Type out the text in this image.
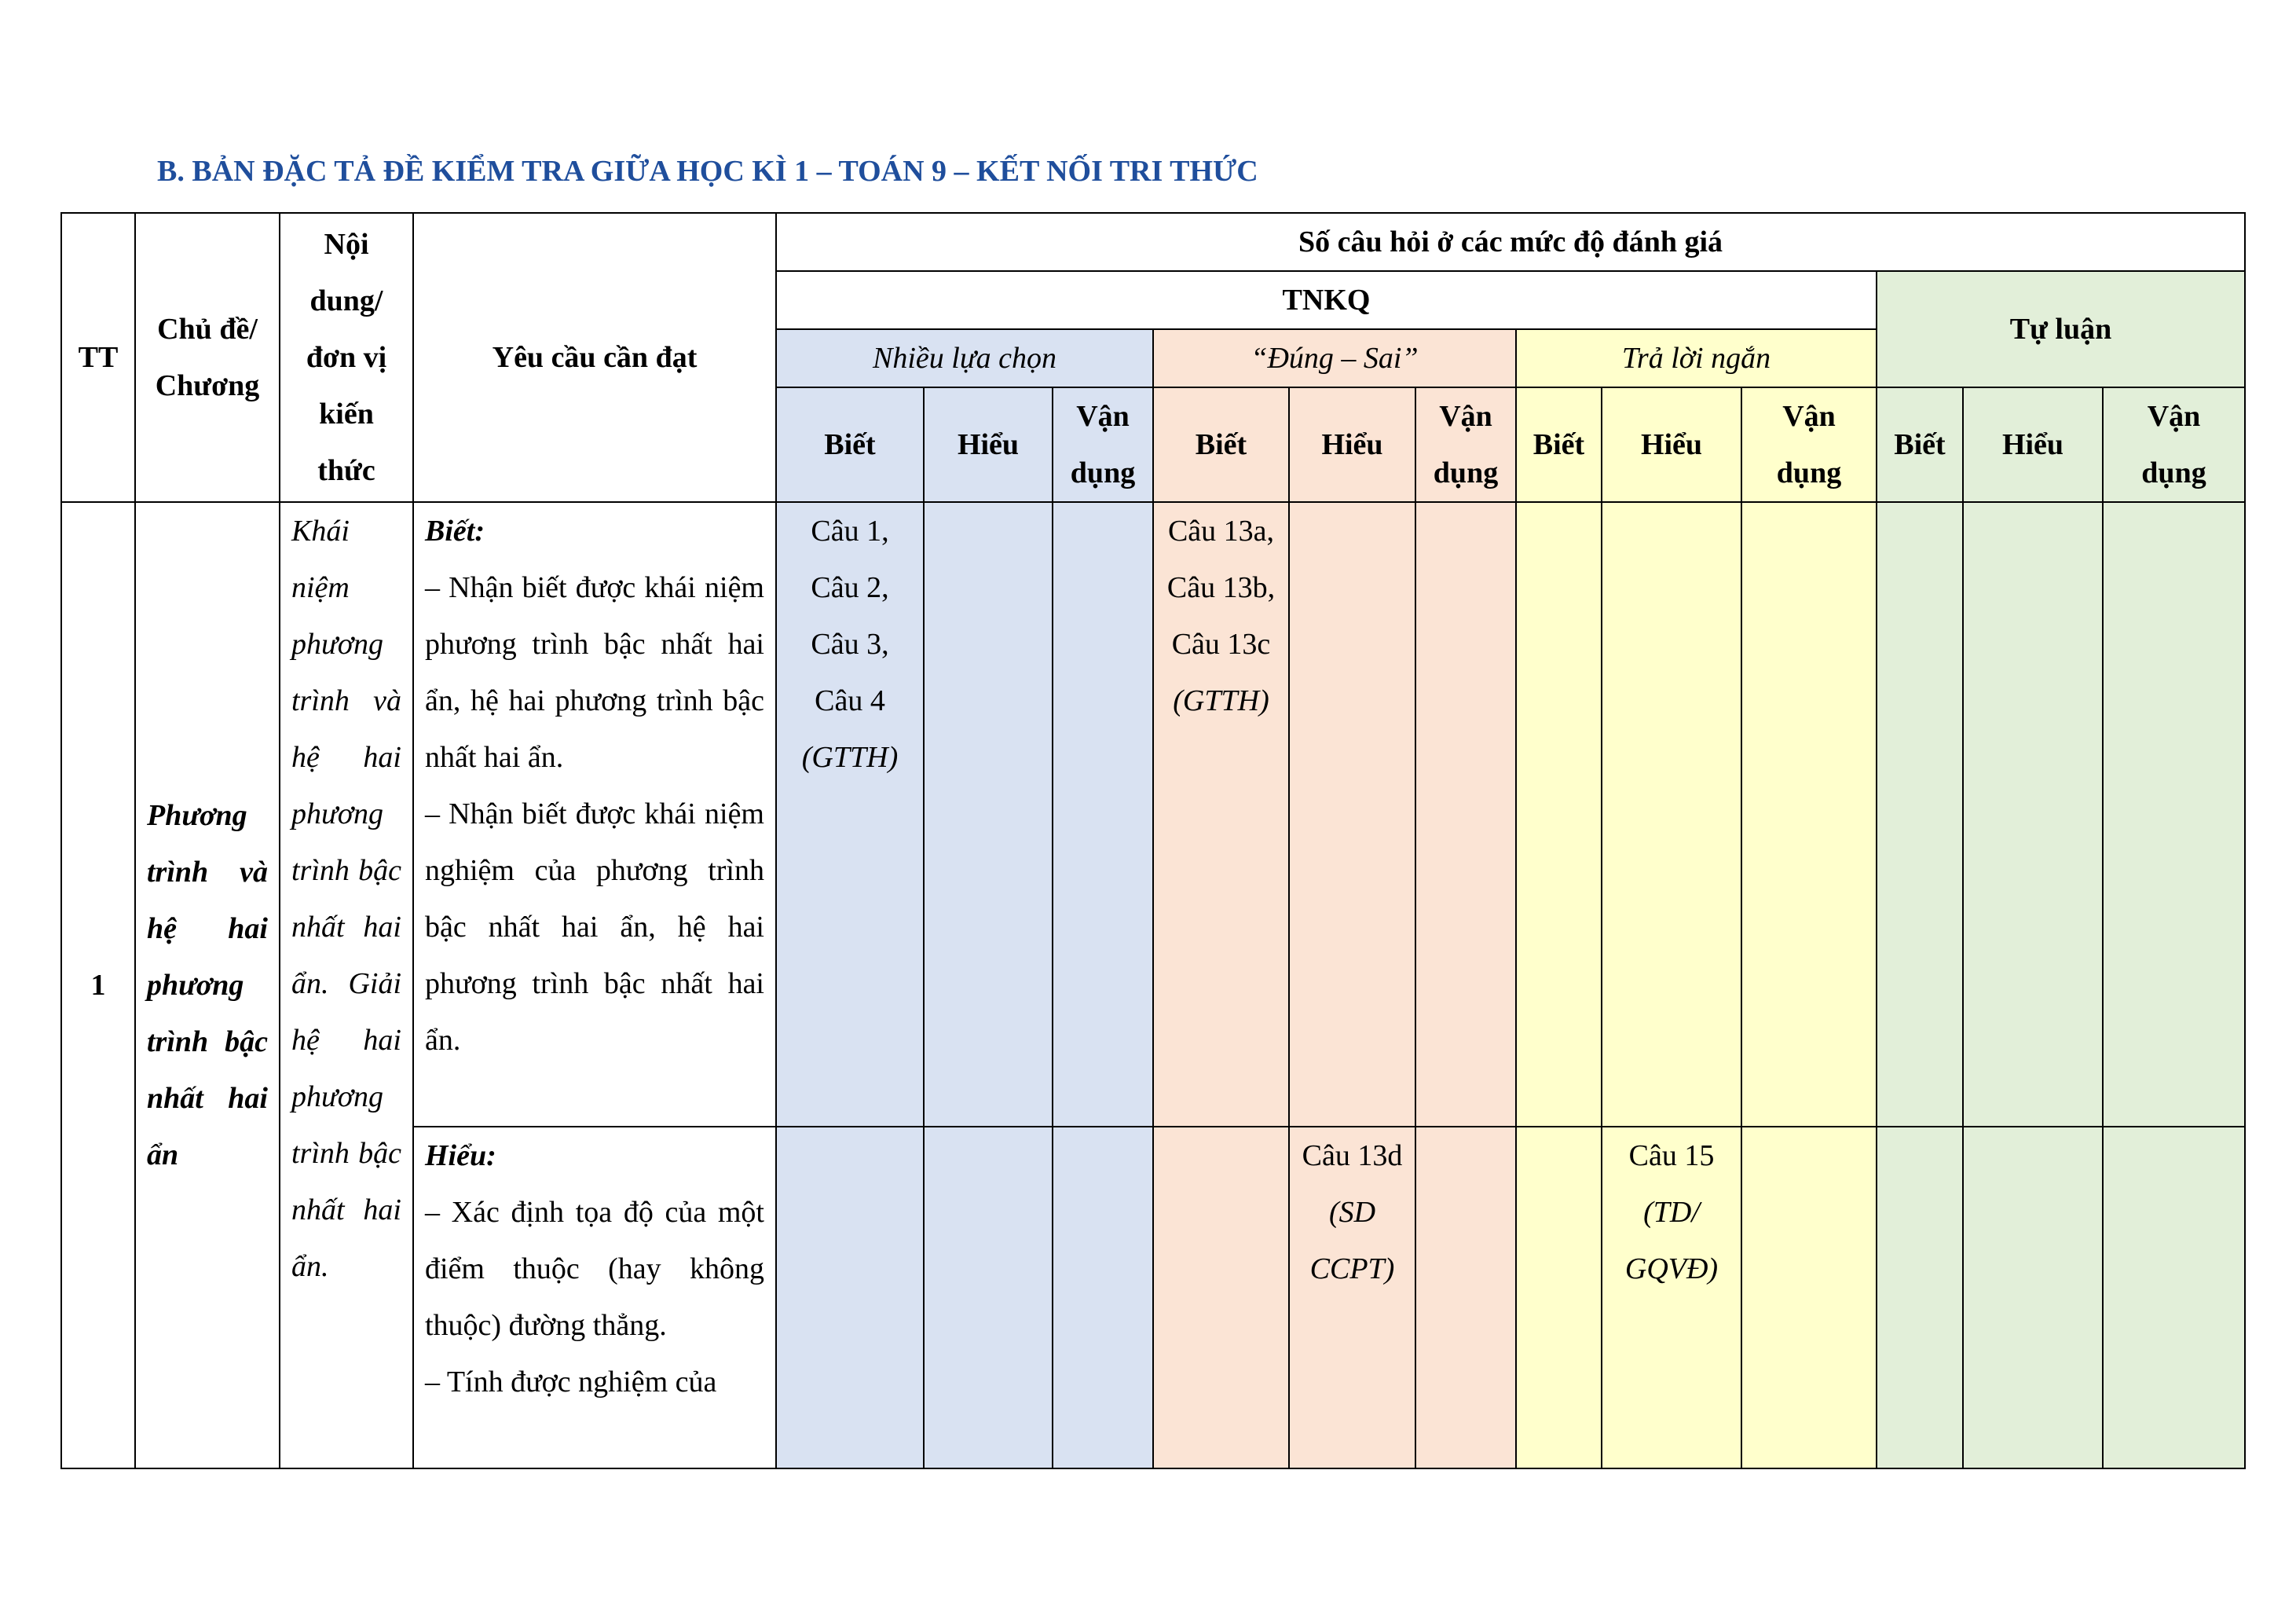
B. BẢN ĐẶC TẢ ĐỀ KIỂM TRA GIỮA HỌC KÌ 1 – TOÁN 9 – KẾT NỐI TRI THỨC
TT	Chủ đề/ Chương	Nội dung/ đơn vị kiến thức	Yêu cầu cần đạt	Số câu hỏi ở các mức độ đánh giá											
				TNKQ									Tự luận		
				Nhiều lựa chọn			“Đúng – Sai”			Trả lời ngắn					
				Biết	Hiểu	Vận dụng	Biết	Hiểu	Vận dụng	Biết	Hiểu	Vận dụng	Biết	Hiểu	Vận dụng
1	Phương trình và hệ hai phương trình bậc nhất hai ẩn	Khái niệm phương trình và hệ hai phương trình bậc nhất hai ẩn. Giải hệ hai phương trình bậc nhất hai ẩn.	Biết:
– Nhận biết được khái niệm phương trình bậc nhất hai ẩn, hệ hai phương trình bậc nhất hai ẩn.
– Nhận biết được khái niệm nghiệm của phương trình bậc nhất hai ẩn, hệ hai phương trình bậc nhất hai ẩn.	Câu 1, Câu 2, Câu 3, Câu 4 (GTTH)			Câu 13a, Câu 13b, Câu 13c (GTTH)								

			Hiểu:
– Xác định tọa độ của một điểm thuộc (hay không thuộc) đường thẳng.
– Tính được nghiệm của					Câu 13d (SD CCPT)			Câu 15 (TD/ GQVĐ)				
